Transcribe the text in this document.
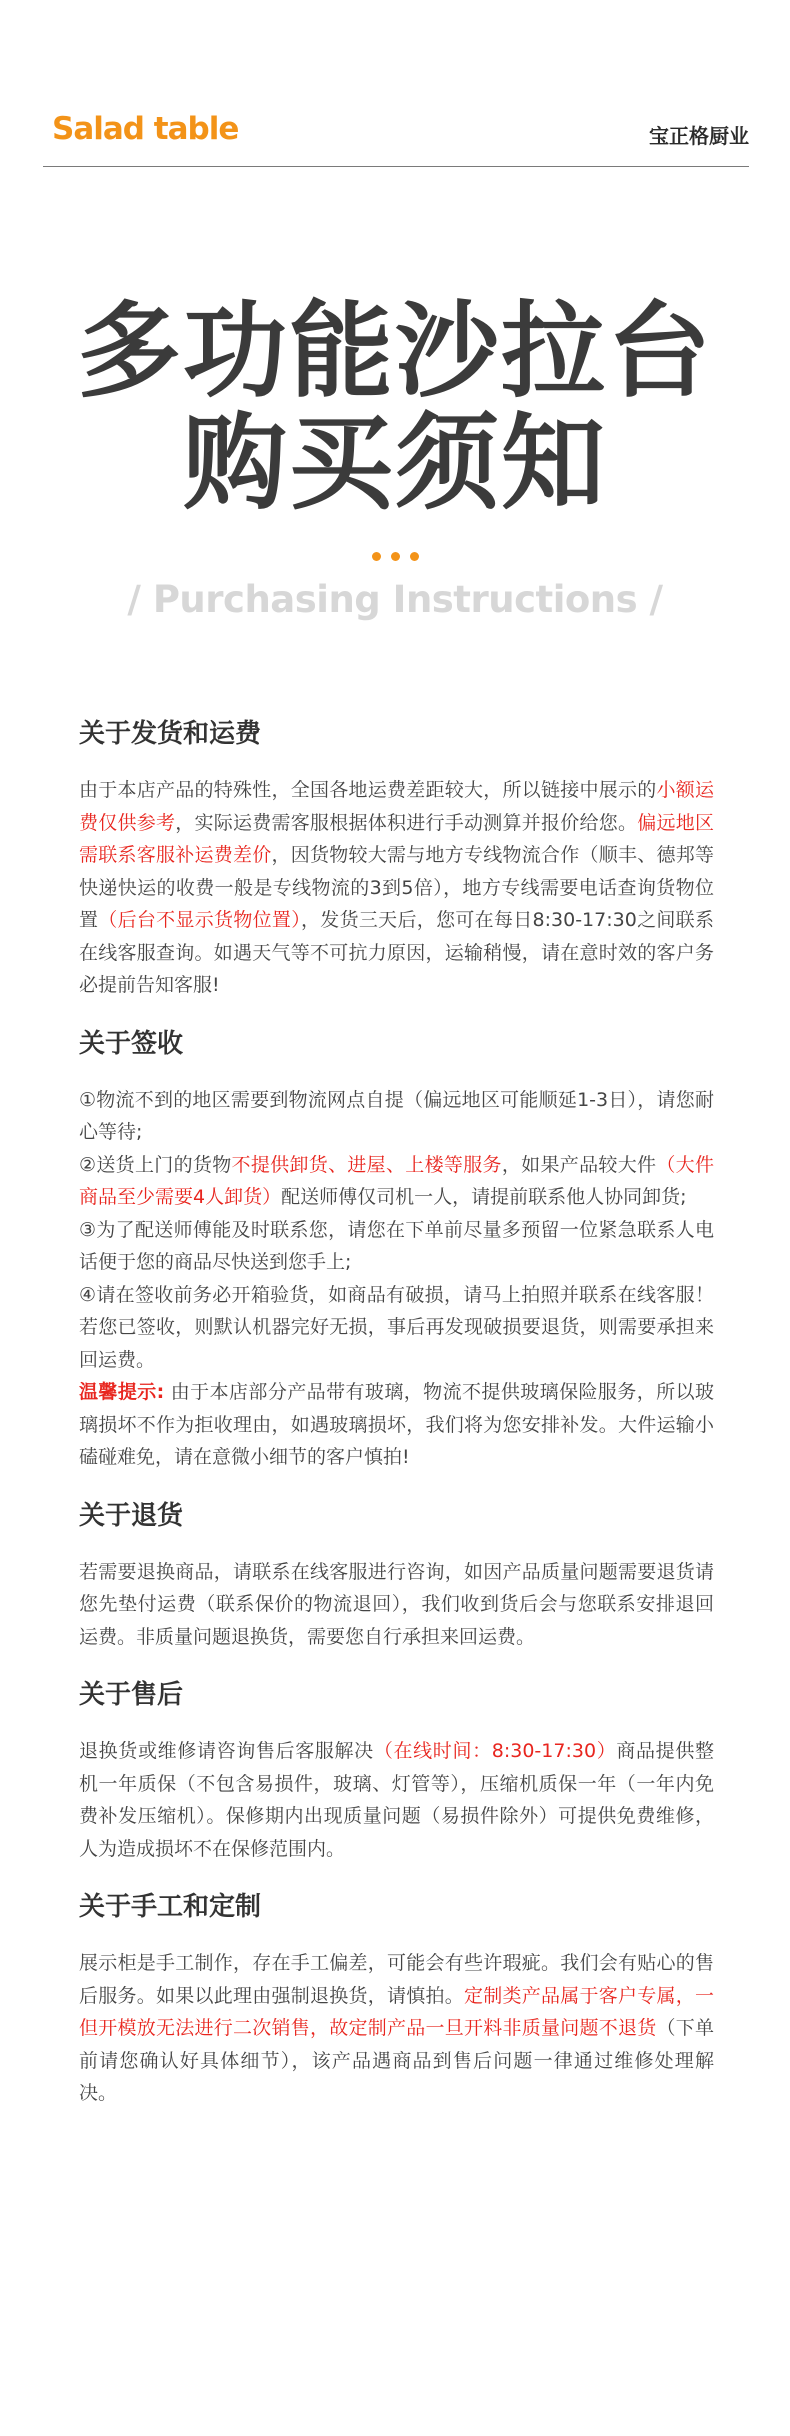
Salad table	宝正格厨业
多功能沙拉台
购买须知
/ Purchasing Instructions /
关于发货和运费

由于本店产品的特殊性，全国各地运费差距较大，所以链接中展示的小额运费仅供参考，实际运费需客服根据体积进行手动测算并报价给您。偏远地区需联系客服补运费差价，因货物较大需与地方专线物流合作（顺丰、德邦等快递快运的收费一般是专线物流的3到5倍），地方专线需要电话查询货物位置（后台不显示货物位置），发货三天后，您可在每日8:30-17:30之间联系在线客服查询。如遇天气等不可抗力原因，运输稍慢，请在意时效的客户务必提前告知客服!

关于签收

①物流不到的地区需要到物流网点自提（偏远地区可能顺延1-3日），请您耐心等待;

②送货上门的货物不提供卸货、进屋、上楼等服务，如果产品较大件（大件商品至少需要4人卸货）配送师傅仅司机一人，请提前联系他人协同卸货;

③为了配送师傅能及时联系您，请您在下单前尽量多预留一位紧急联系人电话便于您的商品尽快送到您手上;

④请在签收前务必开箱验货，如商品有破损，请马上拍照并联系在线客服！若您已签收，则默认机器完好无损，事后再发现破损要退货，则需要承担来回运费。

温馨提示: 由于本店部分产品带有玻璃，物流不提供玻璃保险服务，所以玻璃损坏不作为拒收理由，如遇玻璃损坏，我们将为您安排补发。大件运输小磕碰难免，请在意微小细节的客户慎拍!

关于退货

若需要退换商品，请联系在线客服进行咨询，如因产品质量问题需要退货请您先垫付运费（联系保价的物流退回），我们收到货后会与您联系安排退回运费。非质量问题退换货，需要您自行承担来回运费。

关于售后

退换货或维修请咨询售后客服解决（在线时间：8:30-17:30）商品提供整机一年质保（不包含易损件，玻璃、灯管等），压缩机质保一年（一年内免费补发压缩机）。保修期内出现质量问题（易损件除外）可提供免费维修，人为造成损坏不在保修范围内。

关于手工和定制

展示柜是手工制作，存在手工偏差，可能会有些许瑕疵。我们会有贴心的售后服务。如果以此理由强制退换货，请慎拍。定制类产品属于客户专属，一但开模放无法进行二次销售，故定制产品一旦开料非质量问题不退货（下单前请您确认好具体细节），该产品遇商品到售后问题一律通过维修处理解决。
